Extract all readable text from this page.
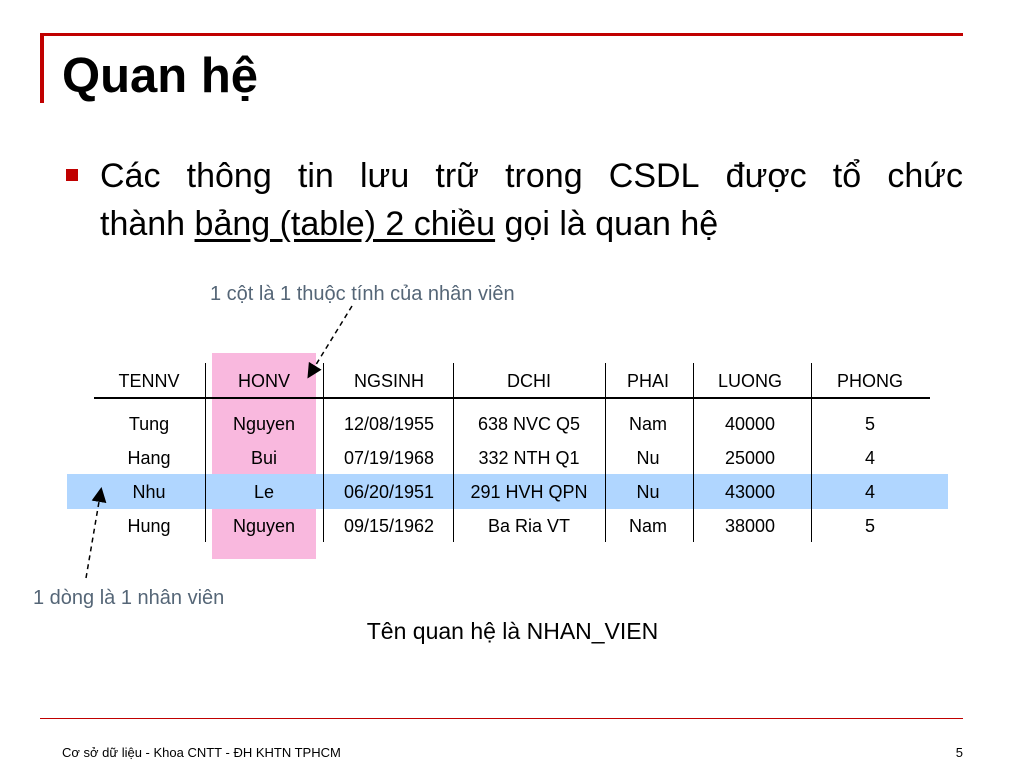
Quan hệ
Các thông tin lưu trữ trong CSDL được tổ chức
thành bảng (table) 2 chiều gọi là quan hệ
1 cột là 1 thuộc tính của nhân viên
1 dòng là 1 nhân viên
TENNV	HONV	NGSINH	DCHI	PHAI	LUONG	PHONG
Tung	Nguyen	12/08/1955	638 NVC Q5	Nam	40000	5
Hang	Bui	07/19/1968	332 NTH Q1	Nu	25000	4
Nhu	Le	06/20/1951	291 HVH QPN	Nu	43000	4
Hung	Nguyen	09/15/1962	Ba Ria VT	Nam	38000	5
Tên quan hệ là NHAN_VIEN
Cơ sở dữ liệu - Khoa CNTT - ĐH KHTN TPHCM	5
